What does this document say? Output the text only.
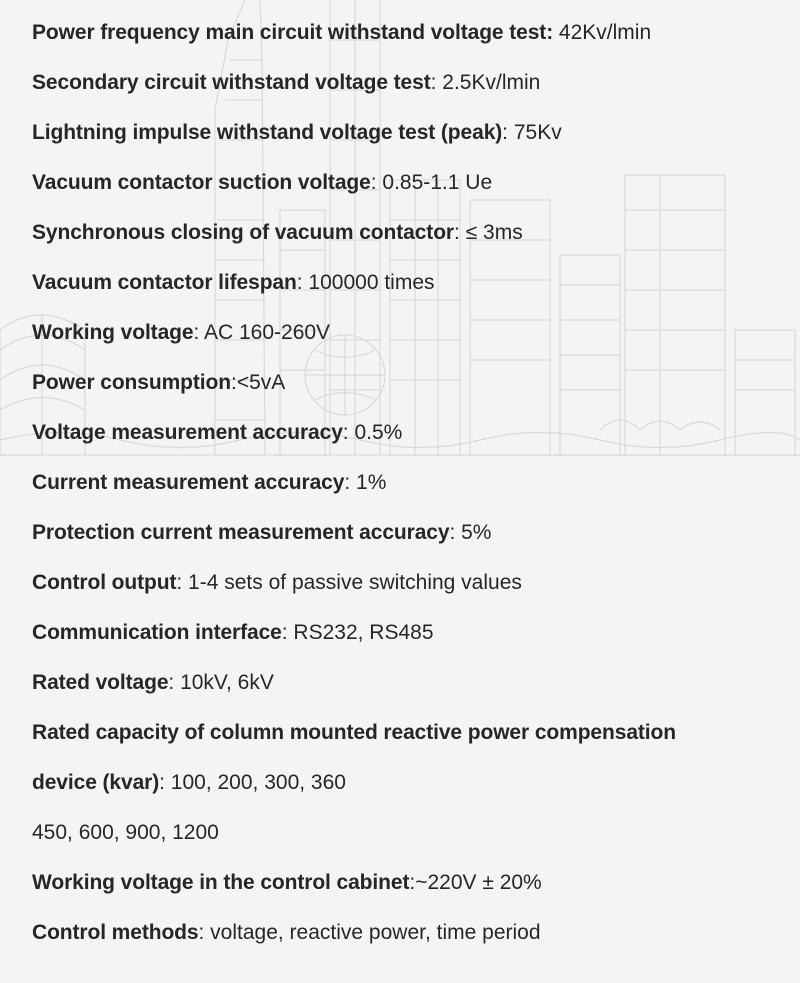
Power frequency main circuit withstand voltage test: 42Kv/lmin
Secondary circuit withstand voltage test: 2.5Kv/lmin
Lightning impulse withstand voltage test (peak): 75Kv
Vacuum contactor suction voltage: 0.85-1.1 Ue
Synchronous closing of vacuum contactor: ≤ 3ms
Vacuum contactor lifespan: 100000 times
Working voltage: AC 160-260V
Power consumption:<5vA
Voltage measurement accuracy: 0.5%
Current measurement accuracy: 1%
Protection current measurement accuracy: 5%
Control output: 1-4 sets of passive switching values
Communication interface: RS232, RS485
Rated voltage: 10kV, 6kV
Rated capacity of column mounted reactive power compensation
device (kvar): 100, 200, 300, 360
450, 600, 900, 1200
Working voltage in the control cabinet:~220V ± 20%
Control methods: voltage, reactive power, time period
